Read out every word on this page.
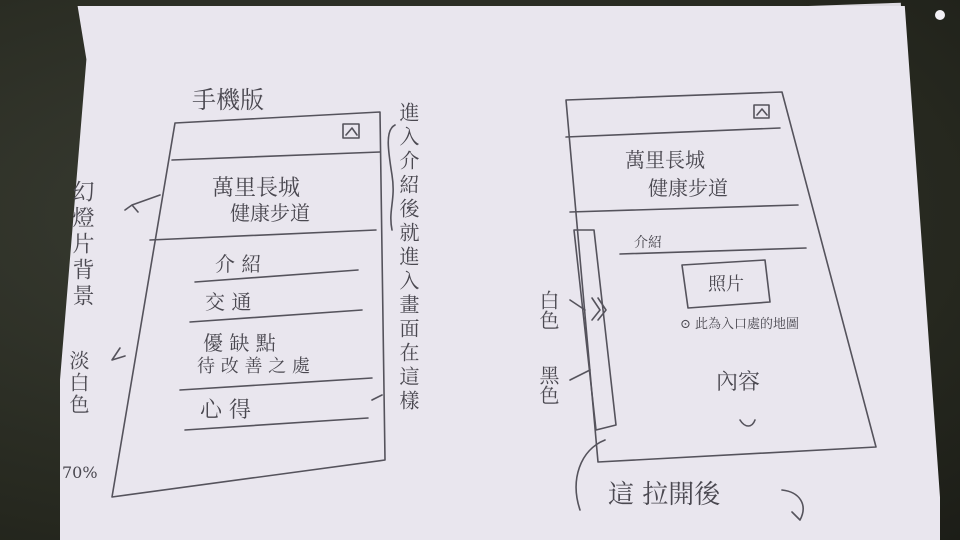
手機版
萬里長城
健康步道
介 紹
交 通
優 缺 點
待 改 善 之 處
心 得
幻燈片背景
淡白色
70%
進入介紹後就進入畫面在這樣	萬里長城
健康步道
介紹
照片
⊙ 此為入口處的地圖
內容
白色
黑色
這 拉開後
